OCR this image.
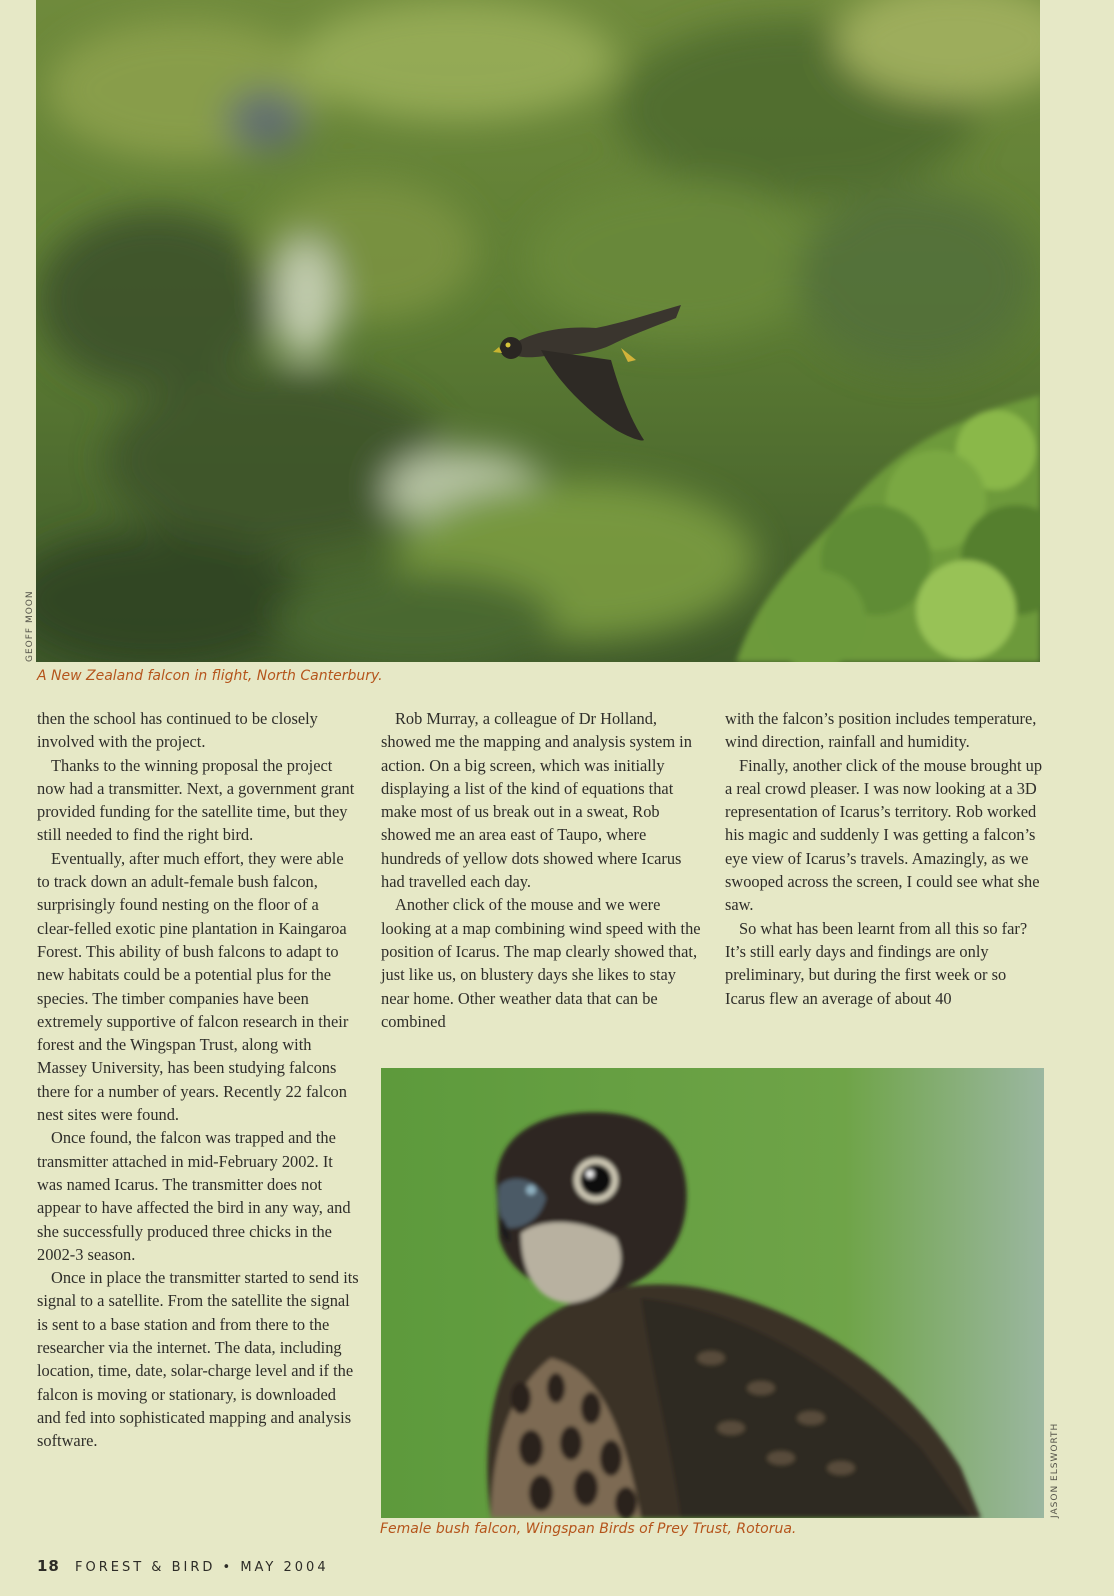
GEOFF MOON
A New Zealand falcon in flight, North Canterbury.

then the school has continued to be closely involved with the project.

Thanks to the winning proposal the project now had a transmitter. Next, a government grant provided funding for the satellite time, but they still needed to find the right bird.

Eventually, after much effort, they were able to track down an adult-female bush falcon, surprisingly found nesting on the floor of a clear-felled exotic pine plantation in Kaingaroa Forest. This ability of bush falcons to adapt to new habitats could be a potential plus for the species. The timber companies have been extremely supportive of falcon research in their forest and the Wingspan Trust, along with Massey University, has been studying falcons there for a number of years. Recently 22 falcon nest sites were found.

Once found, the falcon was trapped and the transmitter attached in mid-February 2002. It was named Icarus. The transmitter does not appear to have affected the bird in any way, and she successfully produced three chicks in the 2002-3 season.

Once in place the transmitter started to send its signal to a satellite. From the satellite the signal is sent to a base station and from there to the researcher via the internet. The data, including location, time, date, solar-charge level and if the falcon is moving or stationary, is downloaded and fed into sophisticated mapping and analysis software.

Rob Murray, a colleague of Dr Holland, showed me the mapping and analysis system in action. On a big screen, which was initially displaying a list of the kind of equations that make most of us break out in a sweat, Rob showed me an area east of Taupo, where hundreds of yellow dots showed where Icarus had travelled each day.

Another click of the mouse and we were looking at a map combining wind speed with the position of Icarus. The map clearly showed that, just like us, on blustery days she likes to stay near home. Other weather data that can be combined

with the falcon’s position includes temperature, wind direction, rainfall and humidity.

Finally, another click of the mouse brought up a real crowd pleaser. I was now looking at a 3D representation of Icarus’s territory. Rob worked his magic and suddenly I was getting a falcon’s eye view of Icarus’s travels. Amazingly, as we swooped across the screen, I could see what she saw.

So what has been learnt from all this so far? It’s still early days and findings are only preliminary, but during the first week or so Icarus flew an average of about 40

JASON ELSWORTH
Female bush falcon, Wingspan Birds of Prey Trust, Rotorua.
18 FOREST & BIRD • MAY 2004
